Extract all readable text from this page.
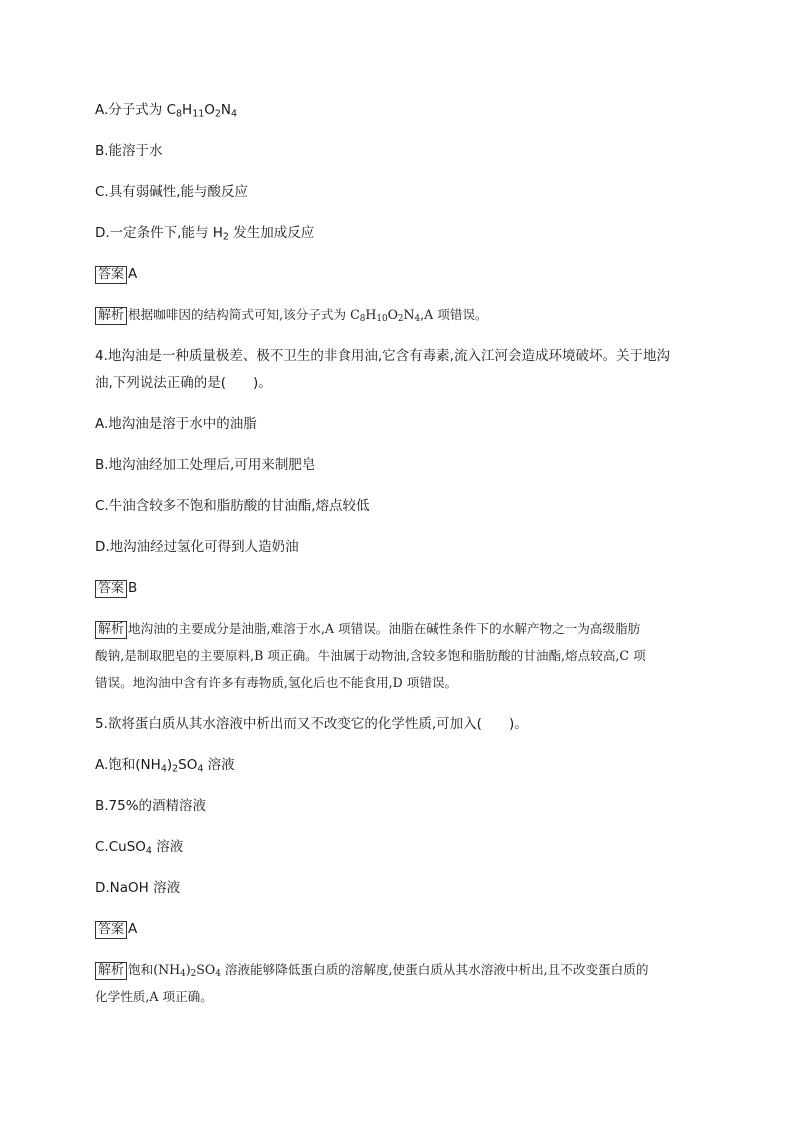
A.分子式为 $C_8H_{11}O_2N_4$
B.能溶于水
C.具有弱碱性,能与酸反应
D.一定条件下,能与 $H_2$ 发生加成反应
答案 A
解析 根据咖啡因的结构简式可知,该分子式为 $C_8H_{10}O_2N_4,A$ 项错误。
4.地沟油是一种质量极差、极不卫生的非食用油,它含有毒素,流入江河会造成环境破坏。关于地沟
油,下列说法正确的是(　　)。
A.地沟油是溶于水中的油脂
B.地沟油经加工处理后,可用来制肥皂
C.牛油含较多不饱和脂肪酸的甘油酯,熔点较低
D.地沟油经过氢化可得到人造奶油
答案 B
解析 地沟油的主要成分是油脂,难溶于水,A 项错误。油脂在碱性条件下的水解产物之一为高级脂肪
酸钠,是制取肥皂的主要原料,B 项正确。牛油属于动物油,含较多饱和脂肪酸的甘油酯,熔点较高,C 项
错误。地沟油中含有许多有毒物质,氢化后也不能食用,D 项错误。
5.欲将蛋白质从其水溶液中析出而又不改变它的化学性质,可加入(　　)。
A.饱和$(NH_4)_2SO_4$ 溶液
B.75%的酒精溶液
C.CuSO$_4$ 溶液
D.NaOH 溶液
答案 A
解析 饱和$(NH_4)_2SO_4$ 溶液能够降低蛋白质的溶解度,使蛋白质从其水溶液中析出,且不改变蛋白质的
化学性质,A 项正确。
